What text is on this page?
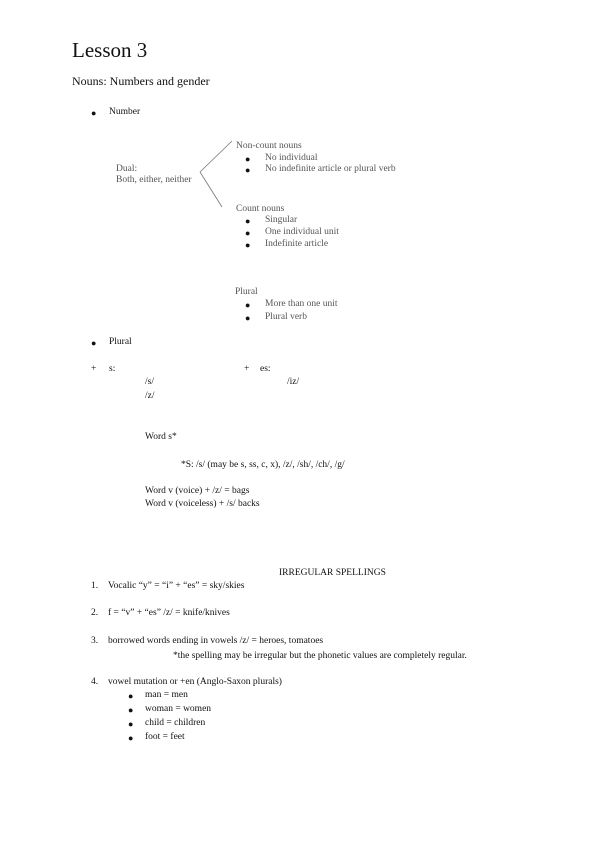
Lesson 3
Nouns: Numbers and gender
● Number
Dual:
Both, either, neither
Non-count nouns
● No individual
● No indefinite article or plural verb
Count nouns
● Singular
● One individual unit
● Indefinite article
Plural
● More than one unit
● Plural verb
● Plural
+ s:	+ es:
/s/	/iz/
/z/
Word s*
*S: /s/ (may be s, ss, c, x), /z/, /sh/, /ch/, /g/
Word v (voice) + /z/ = bags
Word v (voiceless) + /s/ backs
IRREGULAR SPELLINGS
1. Vocalic “y” = “i” + “es” = sky/skies
2. f = “v” + “es” /z/ = knife/knives
3. borrowed words ending in vowels /z/ = heroes, tomatoes
*the spelling may be irregular but the phonetic values are completely regular.
4. vowel mutation or +en (Anglo-Saxon plurals)
● man = men
● woman = women
● child = children
● foot = feet
